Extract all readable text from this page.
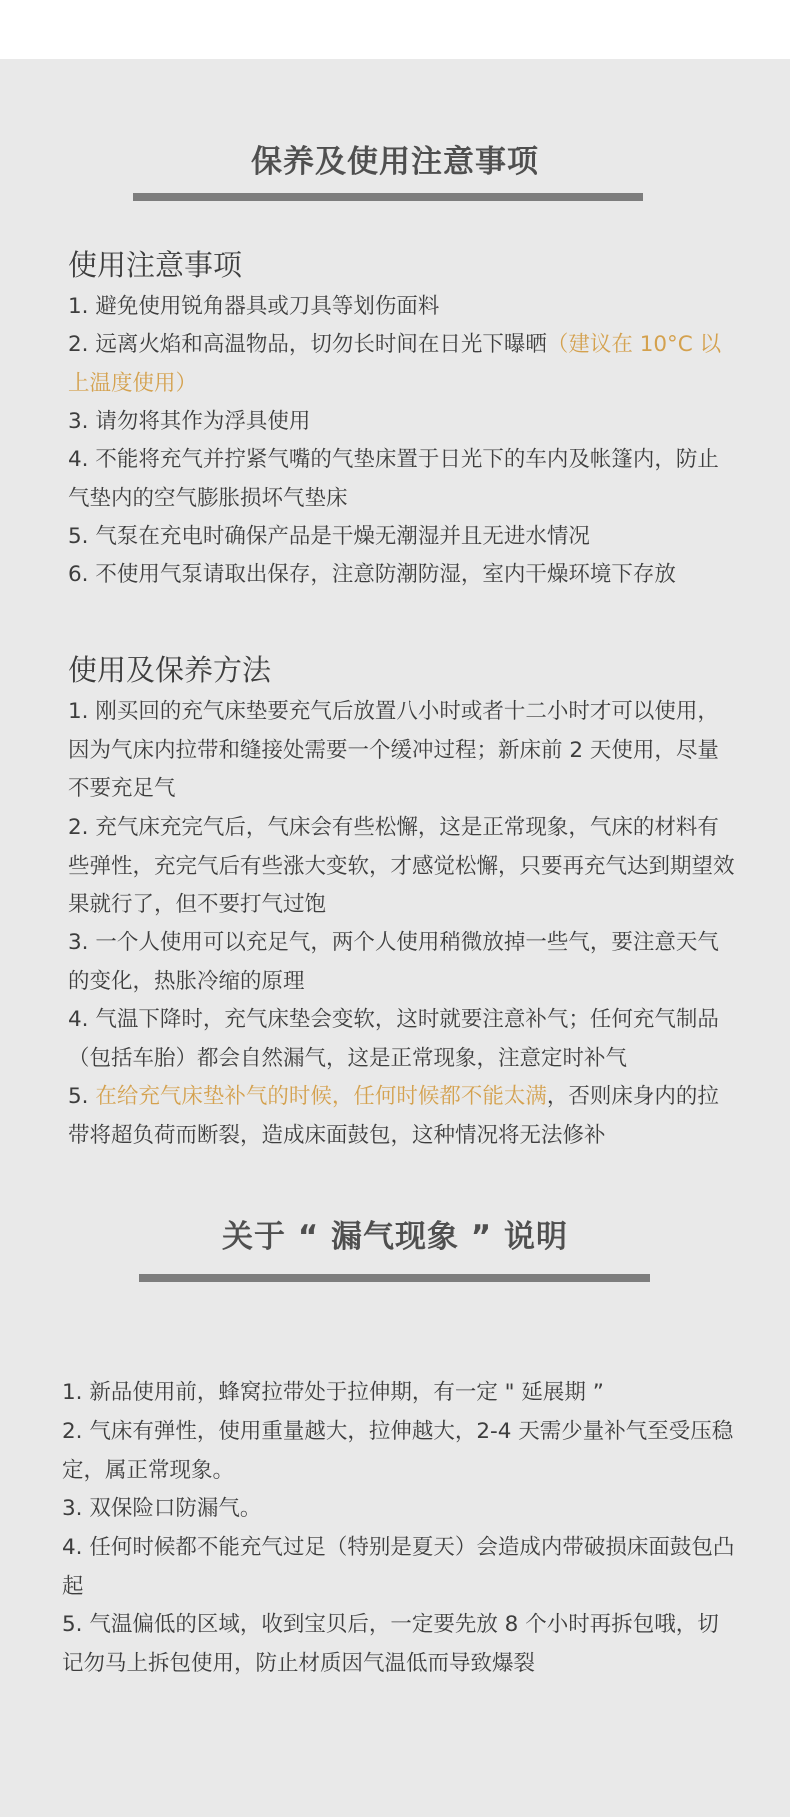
保养及使用注意事项
使用注意事项
1. 避免使用锐角器具或刀具等划伤面料
2. 远离火焰和高温物品，切勿长时间在日光下曝晒（建议在 10°C 以上温度使用）
3. 请勿将其作为浮具使用
4. 不能将充气并拧紧气嘴的气垫床置于日光下的车内及帐篷内，防止气垫内的空气膨胀损坏气垫床
5. 气泵在充电时确保产品是干燥无潮湿并且无进水情况
6. 不使用气泵请取出保存，注意防潮防湿，室内干燥环境下存放
使用及保养方法
1. 刚买回的充气床垫要充气后放置八小时或者十二小时才可以使用，因为气床内拉带和缝接处需要一个缓冲过程；新床前 2 天使用，尽量不要充足气
2. 充气床充完气后，气床会有些松懈，这是正常现象，气床的材料有些弹性，充完气后有些涨大变软，才感觉松懈，只要再充气达到期望效果就行了，但不要打气过饱
3. 一个人使用可以充足气，两个人使用稍微放掉一些气，要注意天气的变化，热胀冷缩的原理
4. 气温下降时，充气床垫会变软，这时就要注意补气；任何充气制品（包括车胎）都会自然漏气，这是正常现象，注意定时补气
5. 在给充气床垫补气的时候，任何时候都不能太满，否则床身内的拉带将超负荷而断裂，造成床面鼓包，这种情况将无法修补
关于 “ 漏气现象 ” 说明
1. 新品使用前，蜂窝拉带处于拉伸期，有一定 " 延展期 ”
2. 气床有弹性，使用重量越大，拉伸越大，2-4 天需少量补气至受压稳定，属正常现象。
3. 双保险口防漏气。
4. 任何时候都不能充气过足（特别是夏天）会造成内带破损床面鼓包凸起
5. 气温偏低的区域，收到宝贝后，一定要先放 8 个小时再拆包哦，切记勿马上拆包使用，防止材质因气温低而导致爆裂
